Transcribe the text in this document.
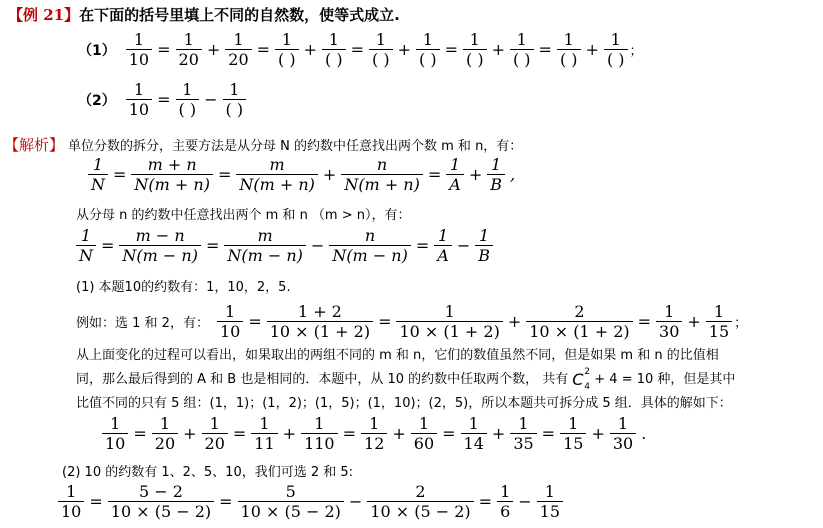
【例 21】 在下面的括号里填上不同的自然数，使等式成立.
$(1) \frac{1}{10} = \frac{1}{20} + \frac{1}{20} = \frac{1}{( )} + \frac{1}{( )} = \frac{1}{( )} + \frac{1}{( )} = \frac{1}{( )} + \frac{1}{( )} = \frac{1}{( )} + \frac{1}{( )}$ ；
$(2) \frac{1}{10} = \frac{1}{( )} - \frac{1}{( )}$
【解析】 单位分数的拆分，主要方法是从分母 N 的约数中任意找出两个数 m 和 n，有：
$\frac{1}{N} = \frac{m + n}{N(m + n)} = \frac{m}{N(m + n)} + \frac{n}{N(m + n)} = \frac{1}{A} + \frac{1}{B}$ ,
从分母 n 的约数中任意找出两个 m 和 n （m > n），有：
$\frac{1}{N} = \frac{m - n}{N(m - n)} = \frac{m}{N(m - n)} - \frac{n}{N(m - n)} = \frac{1}{A} - \frac{1}{B}$
(1) 本题10的约数有：1，10，2，5.
例如：选 1 和 2，有： $\frac{1}{10} = \frac{1 + 2}{10 \times (1 + 2)} = \frac{1}{10 \times (1 + 2)} + \frac{2}{10 \times (1 + 2)} = \frac{1}{30} + \frac{1}{15}$ ；
从上面变化的过程可以看出，如果取出的两组不同的 m 和 n，它们的数值虽然不同，但是如果 m 和 n 的比值相
同，那么最后得到的 A 和 B 也是相同的．本题中，从 10 的约数中任取两个数， 共有 C 2
4 + 4 = 10 种，但是其中
比值不同的只有 5 组：(1，1)；(1，2)；(1，5)；(1，10)；(2，5)，所以本题共可拆分成 5 组．具体的解如下：
$\frac{1}{10} = \frac{1}{20} + \frac{1}{20} = \frac{1}{11} + \frac{1}{110} = \frac{1}{12} + \frac{1}{60} = \frac{1}{14} + \frac{1}{35} = \frac{1}{15} + \frac{1}{30}$ .
(2) 10 的约数有 1、2、5、10，我们可选 2 和 5:
$\frac{1}{10} = \frac{5 - 2}{10 \times (5 - 2)} = \frac{5}{10 \times (5 - 2)} - \frac{2}{10 \times (5 - 2)} = \frac{1}{6} - \frac{1}{15}$
